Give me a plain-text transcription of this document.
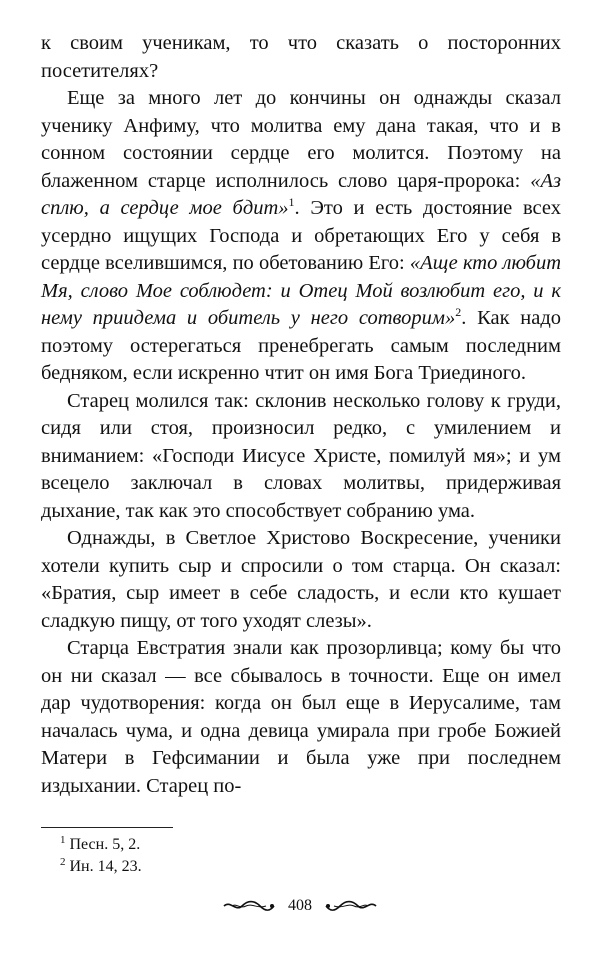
к своим ученикам, то что сказать о посторонних посетителях?

Еще за много лет до кончины он однажды сказал ученику Анфиму, что молитва ему дана такая, что и в сонном состоянии сердце его молится. Поэтому на блаженном старце исполнилось слово царя-пророка: «Аз сплю, а сердце мое бдит»$^1$. Это и есть достояние всех усердно ищущих Господа и обретающих Его у себя в сердце вселившимся, по обетованию Его: «Аще кто любит Мя, слово Мое соблюдет: и Отец Мой возлюбит его, и к нему приидема и обитель у него сотворим»$^2$. Как надо поэтому остерегаться пренебрегать самым последним бедняком, если искренно чтит он имя Бога Триединого.

Старец молился так: склонив несколько голову к груди, сидя или стоя, произносил редко, с умилением и вниманием: «Господи Иисусе Христе, помилуй мя»; и ум всецело заключал в словах молитвы, придерживая дыхание, так как это способствует собранию ума.

Однажды, в Светлое Христово Воскресение, ученики хотели купить сыр и спросили о том старца. Он сказал: «Братия, сыр имеет в себе сладость, и если кто кушает сладкую пищу, от того уходят слезы».

Старца Евстратия знали как прозорливца; кому бы что он ни сказал — все сбывалось в точности. Еще он имел дар чудотворения: когда он был еще в Иерусалиме, там началась чума, и одна девица умирала при гробе Божией Матери в Гефсимании и была уже при последнем издыхании. Старец по-

$^1$ Песн. 5, 2.
$^2$ Ин. 14, 23.
408
